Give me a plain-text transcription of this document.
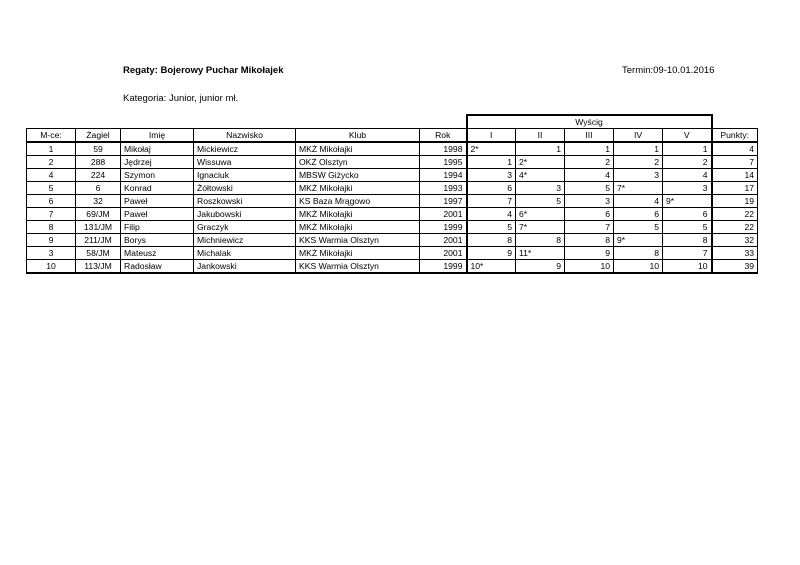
Regaty: Bojerowy Puchar Mikołajek	Termin:09-10.01.2016
Kategoria: Junior, junior mł.
						Wyścig					
M-ce:	Żagiel	Imię	Nazwisko	Klub	Rok	I	II	III	IV	V	Punkty:
1	59	Mikołaj	Mickiewicz	MKŻ Mikołajki	1998	2*	1	1	1	1	4
2	288	Jędrzej	Wissuwa	OKŻ Olsztyn	1995	1	2*	2	2	2	7
4	224	Szymon	Ignaciuk	MBSW Giżycko	1994	3	4*	4	3	4	14
5	6	Konrad	Żółtowski	MKŻ Mikołajki	1993	6	3	5	7*	3	17
6	32	Paweł	Roszkowski	KS Baza Mrągowo	1997	7	5	3	4	9*	19
7	69/JM	Paweł	Jakubowski	MKŻ Mikołajki	2001	4	6*	6	6	6	22
8	131/JM	Filip	Graczyk	MKŻ Mikołajki	1999	5	7*	7	5	5	22
9	211/JM	Borys	Michniewicz	KKS Warmia Olsztyn	2001	8	8	8	9*	8	32
3	58/JM	Mateusz	Michalak	MKŻ Mikołajki	2001	9	11*	9	8	7	33
10	113/JM	Radosław	Jankowski	KKS Warmia Olsztyn	1999	10*	9	10	10	10	39
